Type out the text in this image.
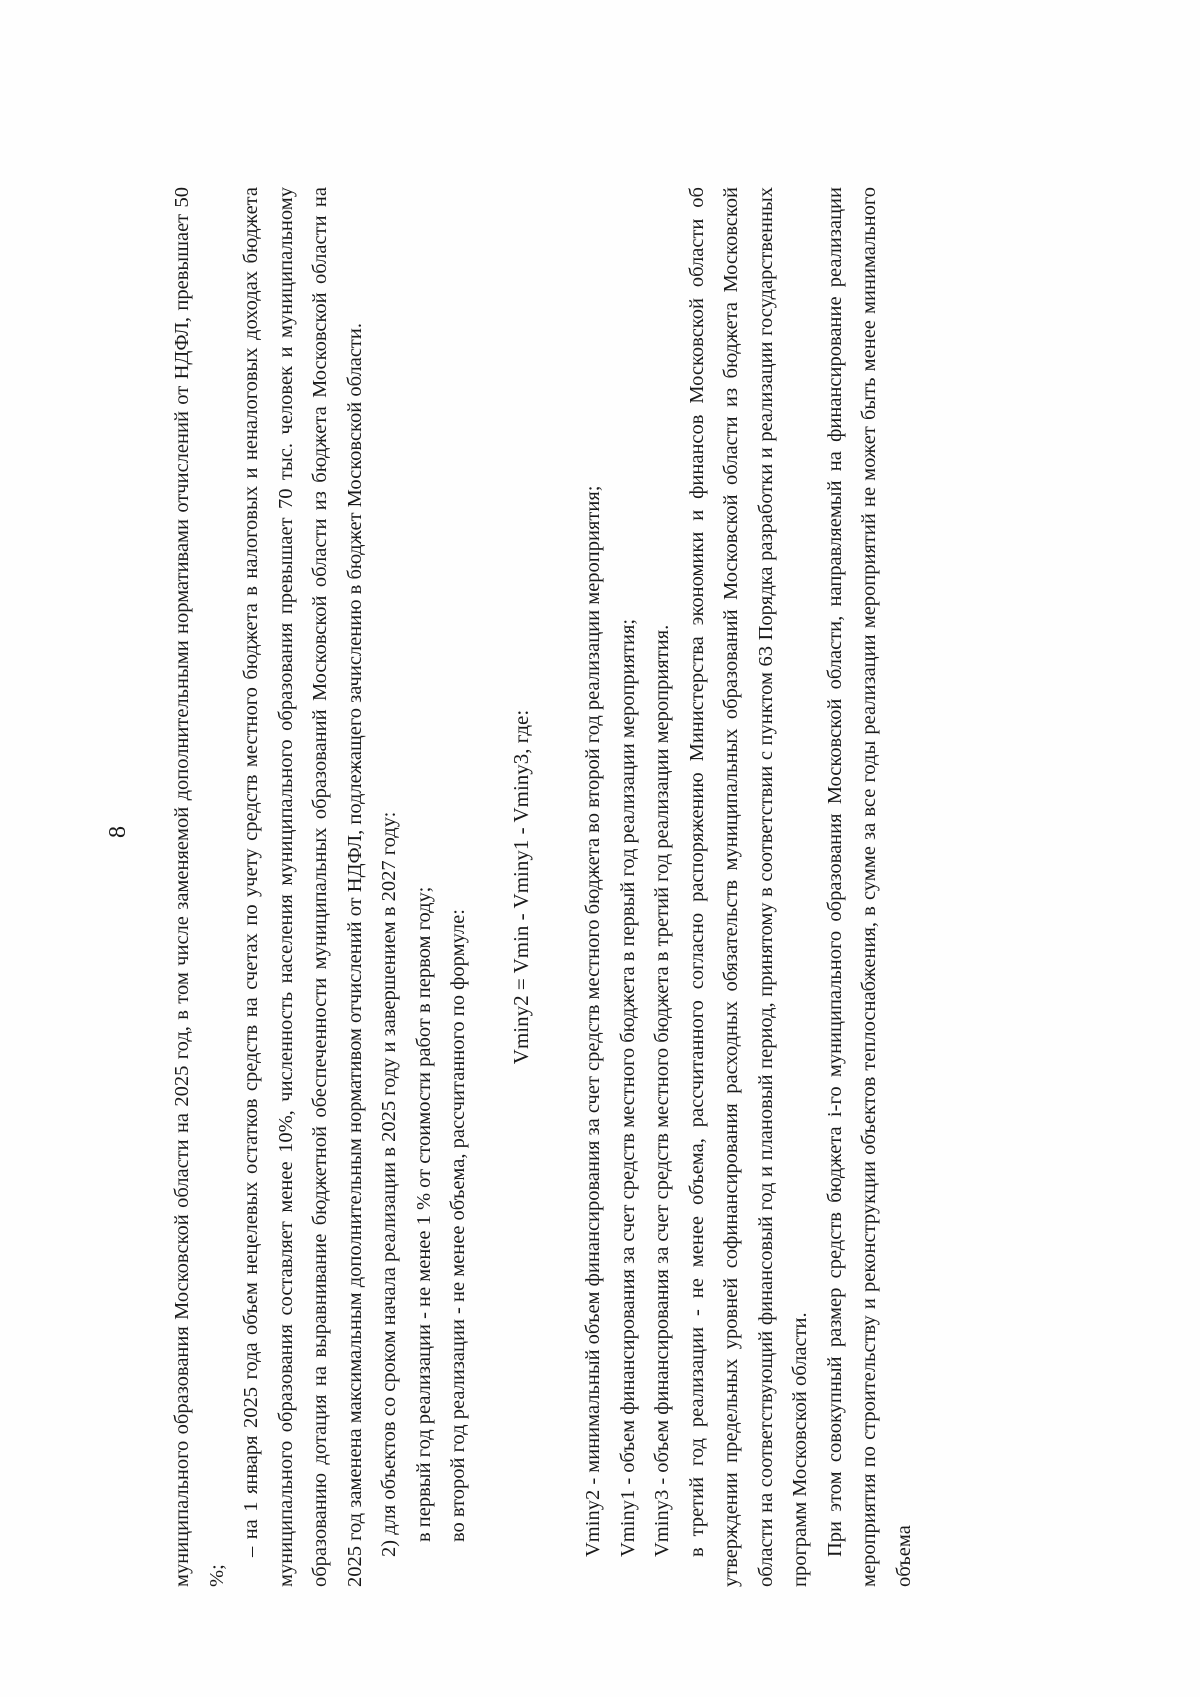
8 муниципального образования Московской области на 2025 год, в том числе заменяемой дополнительными нормативами отчислений от НДФЛ, превышает 50 %;

– на 1 января 2025 года объем нецелевых остатков средств на счетах по учету средств местного бюджета в налоговых и неналоговых доходах бюджета муниципального образования составляет менее 10%, численность населения муниципального образования превышает 70 тыс. человек и муниципальному образованию дотация на выравнивание бюджетной обеспеченности муниципальных образований Московской области из бюджета Московской области на 2025 год заменена максимальным дополнительным нормативом отчислений от НДФЛ, подлежащего зачислению в бюджет Московской области. 2) для объектов со сроком начала реализации в 2025 году и завершением в 2027 году: в первый год реализации - не менее 1 % от стоимости работ в первом году; во второй год реализации - не менее объема, рассчитанного по формуле:

Vminy2 = Vmin - Vminy1 - Vminy3, где: Vminy2 - минимальный объем финансирования за счет средств местного бюджета во второй год реализации мероприятия; Vminy1 - объем финансирования за счет средств местного бюджета в первый год реализации мероприятия; Vminy3 - объем финансирования за счет средств местного бюджета в третий год реализации мероприятия. в третий год реализации - не менее объема, рассчитанного согласно распоряжению Министерства экономики и финансов Московской области об утверждении предельных уровней софинансирования расходных обязательств муниципальных образований Московской области из бюджета Московской области на соответствующий финансовый год и плановый период, принятому в соответствии с пунктом 63 Порядка разработки и реализации государственных программ Московской области. При этом совокупный размер средств бюджета i-го муниципального образования Московской области, направляемый на финансирование реализации мероприятия по строительству и реконструкции объектов теплоснабжения, в сумме за все годы реализации мероприятий не может быть менее минимального объема
